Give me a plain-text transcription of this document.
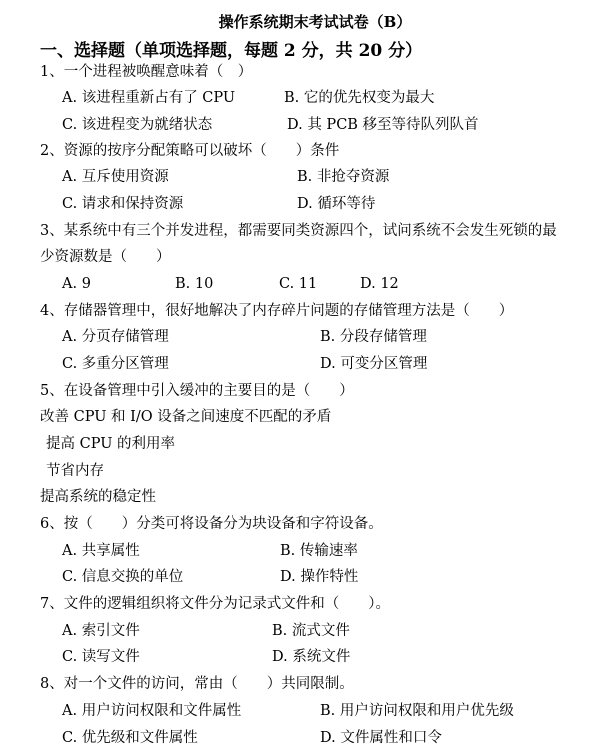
操作系统期末考试试卷（B）
一、选择题（单项选择题，每题 2 分，共 20 分）
1、一个进程被唤醒意味着（　）
A. 该进程重新占有了 CPU	B. 它的优先权变为最大
C. 该进程变为就绪状态	D. 其 PCB 移至等待队列队首
2、资源的按序分配策略可以破坏（　　）条件
A. 互斥使用资源	B. 非抢夺资源
C. 请求和保持资源	D. 循环等待
3、某系统中有三个并发进程，都需要同类资源四个，试问系统不会发生死锁的最
少资源数是（　　）
A. 9	B. 10	C. 11	D. 12
4、存储器管理中，很好地解决了内存碎片问题的存储管理方法是（　　）
A. 分页存储管理	B. 分段存储管理
C. 多重分区管理	D. 可变分区管理
5、在设备管理中引入缓冲的主要目的是（　　）
改善 CPU 和 I/O 设备之间速度不匹配的矛盾
提高 CPU 的利用率
节省内存
提高系统的稳定性
6、按（　　）分类可将设备分为块设备和字符设备。
A. 共享属性	B. 传输速率
C. 信息交换的单位	D. 操作特性
7、文件的逻辑组织将文件分为记录式文件和（　　）。
A. 索引文件	B. 流式文件
C. 读写文件	D. 系统文件
8、对一个文件的访问，常由（　　）共同限制。
A. 用户访问权限和文件属性	B. 用户访问权限和用户优先级
C. 优先级和文件属性	D. 文件属性和口令
